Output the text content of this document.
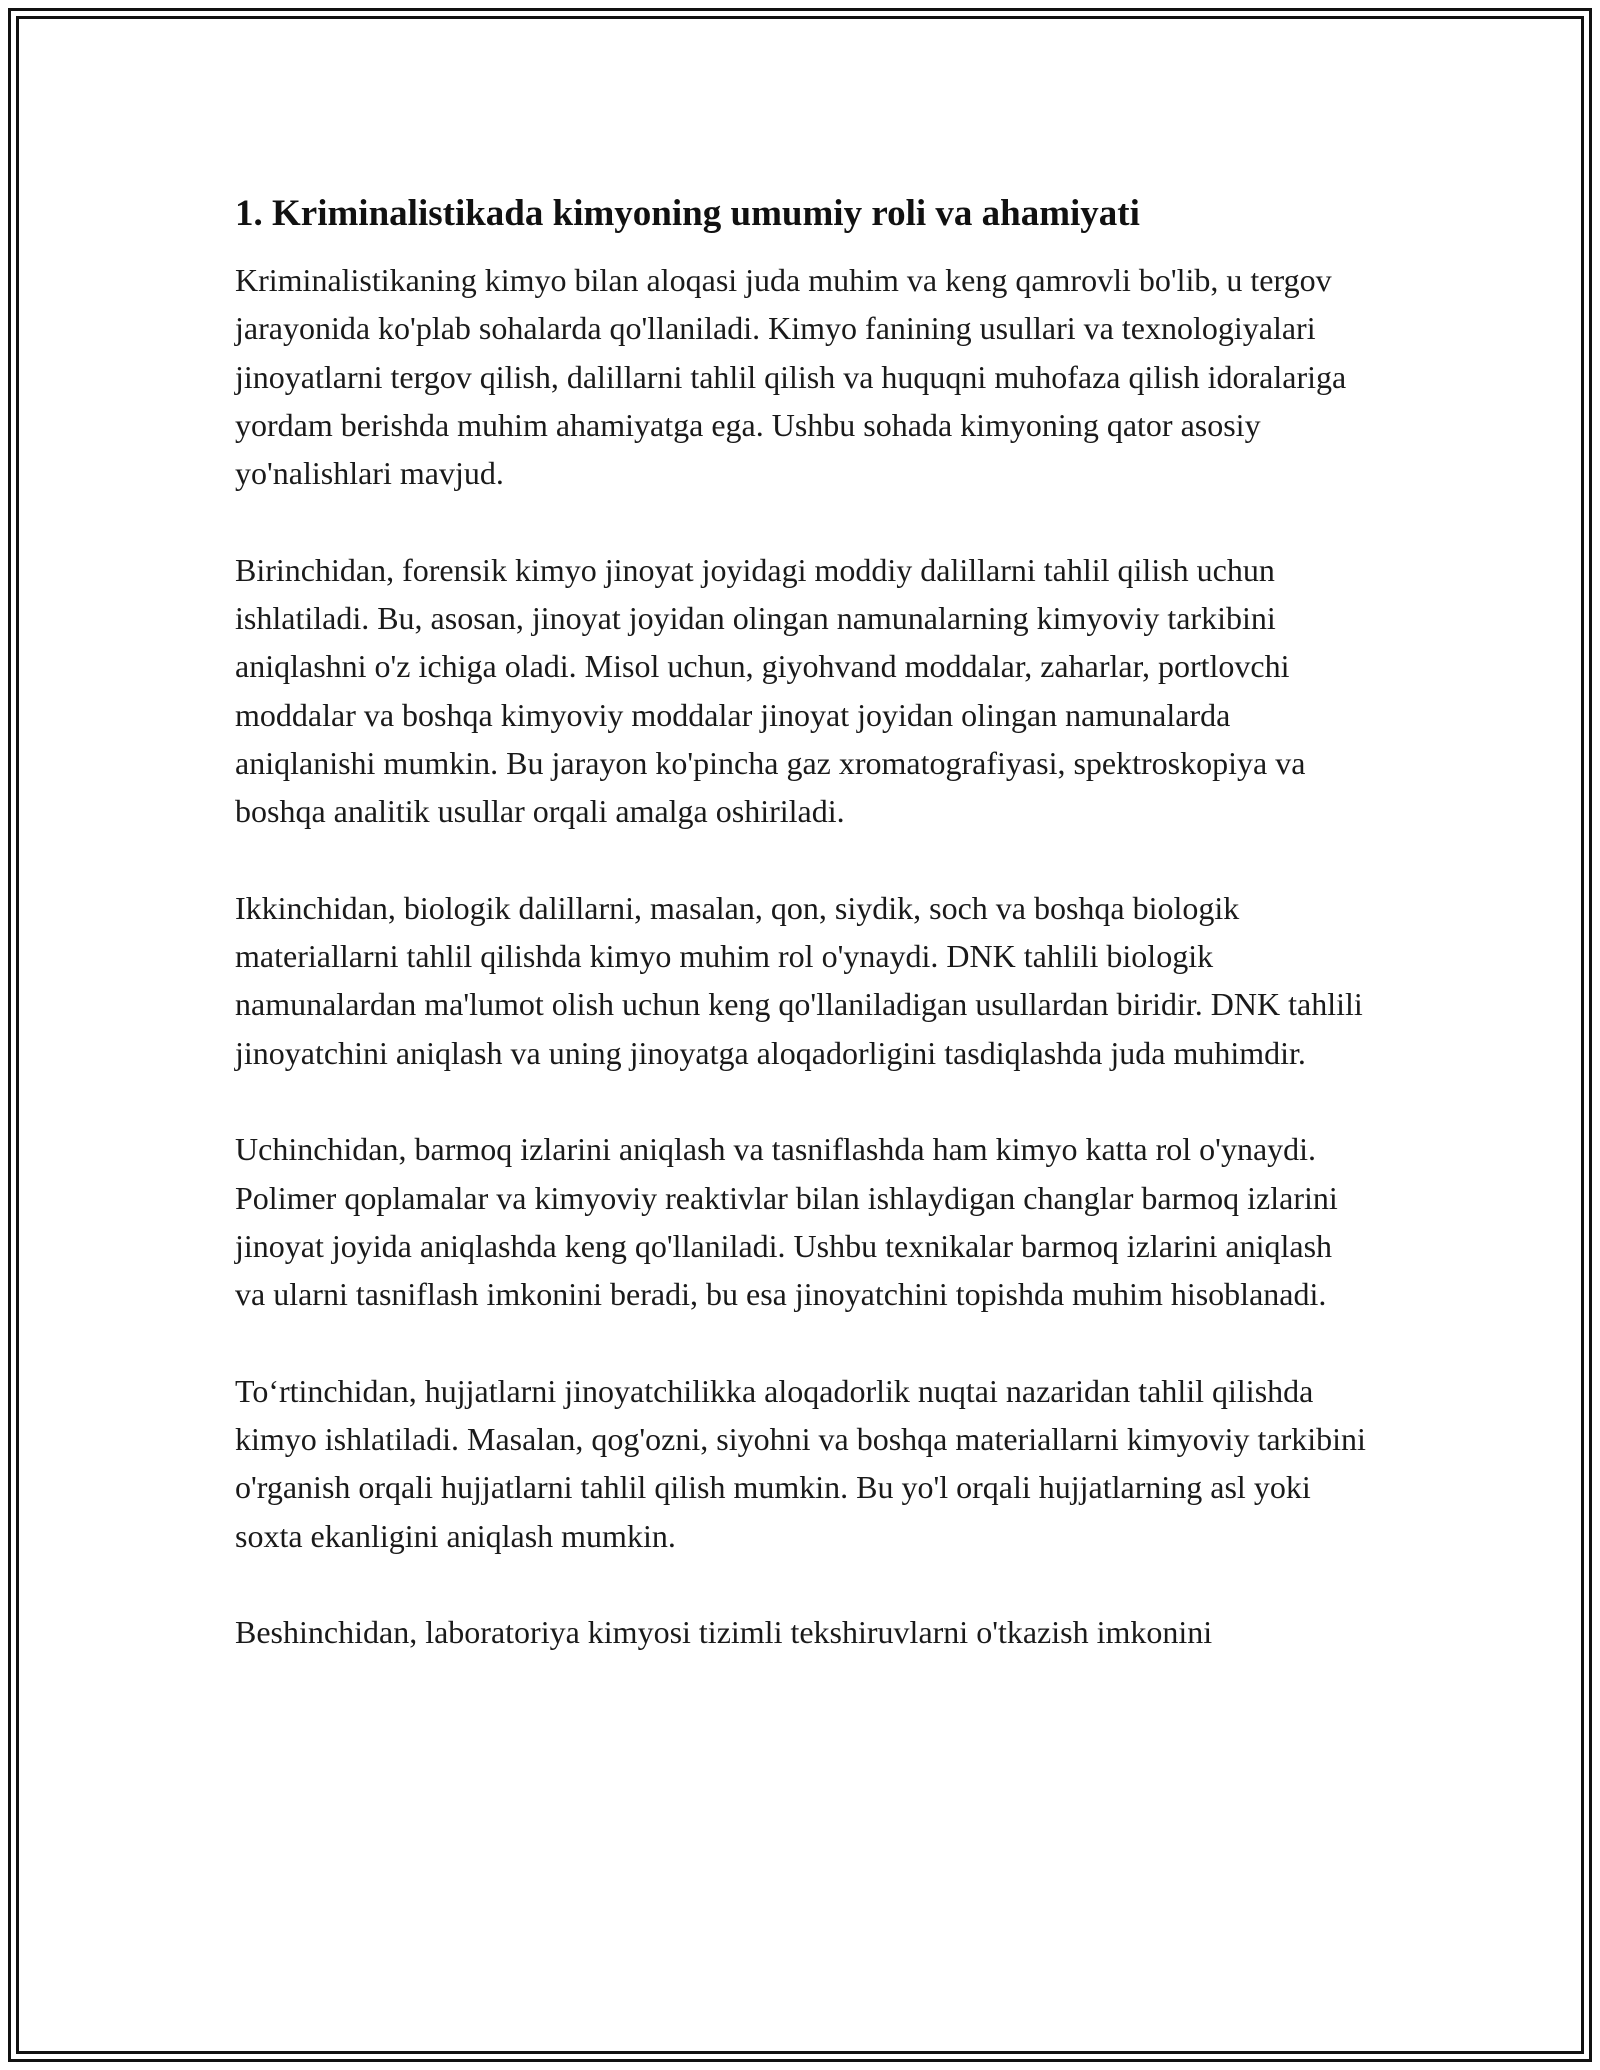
1. Kriminalistikada kimyoning umumiy roli va ahamiyati

Kriminalistikaning kimyo bilan aloqasi juda muhim va keng qamrovli bo'lib, u tergov jarayonida ko'plab sohalarda qo'llaniladi. Kimyo fanining usullari va texnologiyalari jinoyatlarni tergov qilish, dalillarni tahlil qilish va huquqni muhofaza qilish idoralariga yordam berishda muhim ahamiyatga ega. Ushbu sohada kimyoning qator asosiy yo'nalishlari mavjud.

Birinchidan, forensik kimyo jinoyat joyidagi moddiy dalillarni tahlil qilish uchun ishlatiladi. Bu, asosan, jinoyat joyidan olingan namunalarning kimyoviy tarkibini aniqlashni o'z ichiga oladi. Misol uchun, giyohvand moddalar, zaharlar, portlovchi moddalar va boshqa kimyoviy moddalar jinoyat joyidan olingan namunalarda aniqlanishi mumkin. Bu jarayon ko'pincha gaz xromatografiyasi, spektroskopiya va boshqa analitik usullar orqali amalga oshiriladi.

Ikkinchidan, biologik dalillarni, masalan, qon, siydik, soch va boshqa biologik materiallarni tahlil qilishda kimyo muhim rol o'ynaydi. DNK tahlili biologik namunalardan ma'lumot olish uchun keng qo'llaniladigan usullardan biridir. DNK tahlili jinoyatchini aniqlash va uning jinoyatga aloqadorligini tasdiqlashda juda muhimdir.

Uchinchidan, barmoq izlarini aniqlash va tasniflashda ham kimyo katta rol o'ynaydi. Polimer qoplamalar va kimyoviy reaktivlar bilan ishlaydigan changlar barmoq izlarini jinoyat joyida aniqlashda keng qo'llaniladi. Ushbu texnikalar barmoq izlarini aniqlash va ularni tasniflash imkonini beradi, bu esa jinoyatchini topishda muhim hisoblanadi.

To‘rtinchidan, hujjatlarni jinoyatchilikka aloqadorlik nuqtai nazaridan tahlil qilishda kimyo ishlatiladi. Masalan, qog'ozni, siyohni va boshqa materiallarni kimyoviy tarkibini o'rganish orqali hujjatlarni tahlil qilish mumkin. Bu yo'l orqali hujjatlarning asl yoki soxta ekanligini aniqlash mumkin.

Beshinchidan, laboratoriya kimyosi tizimli tekshiruvlarni o'tkazish imkonini
